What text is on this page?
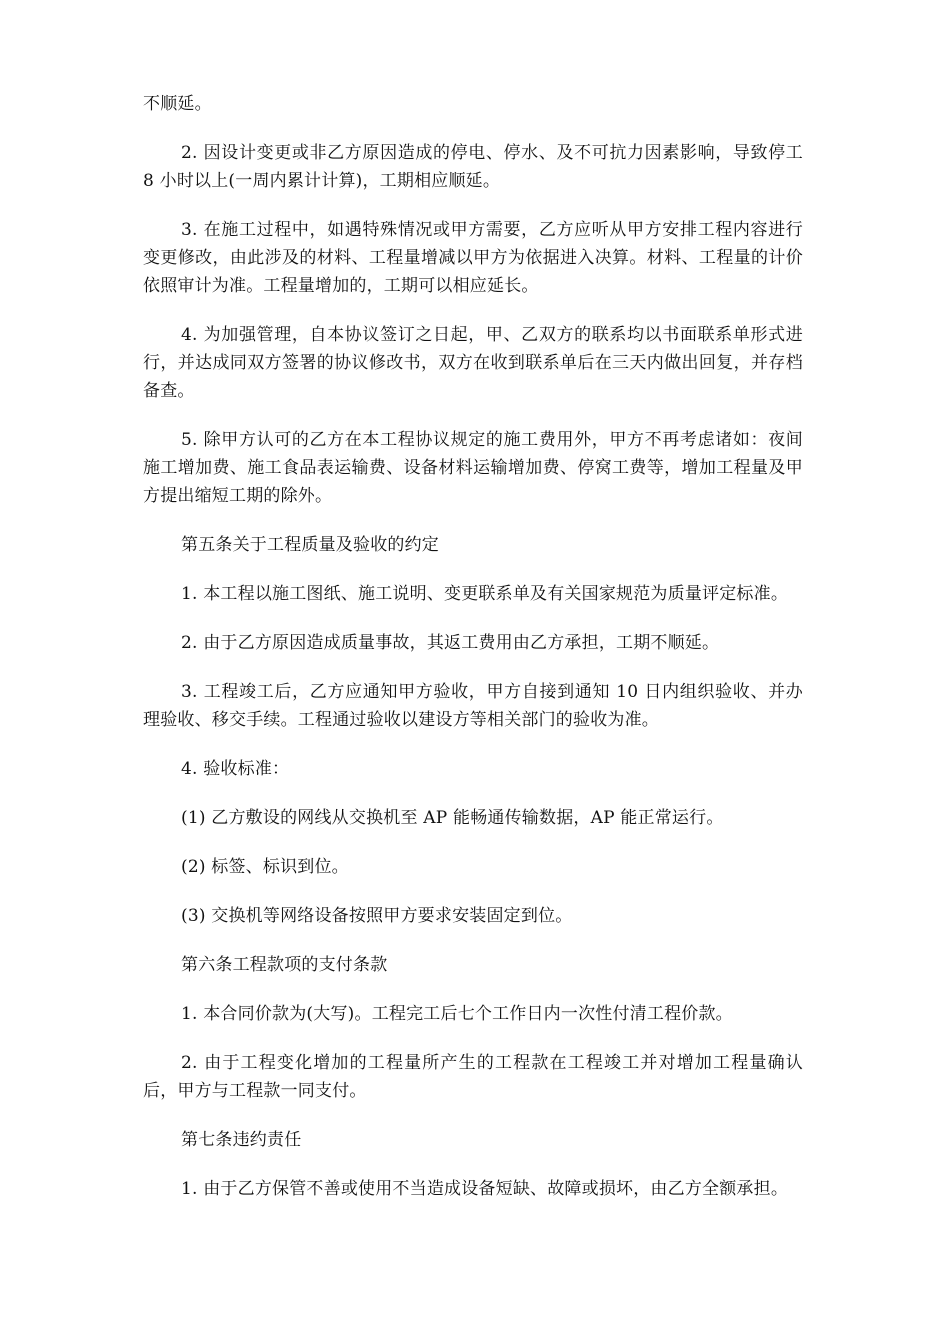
不顺延。

2. 因设计变更或非乙方原因造成的停电、停水、及不可抗力因素影响，导致停工 8 小时以上(一周内累计计算)，工期相应顺延。

3. 在施工过程中，如遇特殊情况或甲方需要，乙方应听从甲方安排工程内容进行变更修改，由此涉及的材料、工程量增减以甲方为依据进入决算。材料、工程量的计价依照审计为准。工程量增加的，工期可以相应延长。

4. 为加强管理，自本协议签订之日起，甲、乙双方的联系均以书面联系单形式进行，并达成同双方签署的协议修改书，双方在收到联系单后在三天内做出回复，并存档备查。

5. 除甲方认可的乙方在本工程协议规定的施工费用外，甲方不再考虑诸如：夜间施工增加费、施工食品表运输费、设备材料运输增加费、停窝工费等，增加工程量及甲方提出缩短工期的除外。

第五条关于工程质量及验收的约定

1. 本工程以施工图纸、施工说明、变更联系单及有关国家规范为质量评定标准。

2. 由于乙方原因造成质量事故，其返工费用由乙方承担，工期不顺延。

3. 工程竣工后，乙方应通知甲方验收，甲方自接到通知 10 日内组织验收、并办理验收、移交手续。工程通过验收以建设方等相关部门的验收为准。

4. 验收标准：

(1) 乙方敷设的网线从交换机至 AP 能畅通传输数据，AP 能正常运行。

(2) 标签、标识到位。

(3) 交换机等网络设备按照甲方要求安装固定到位。

第六条工程款项的支付条款

1. 本合同价款为(大写)。工程完工后七个工作日内一次性付清工程价款。

2. 由于工程变化增加的工程量所产生的工程款在工程竣工并对增加工程量确认后，甲方与工程款一同支付。

第七条违约责任

1. 由于乙方保管不善或使用不当造成设备短缺、故障或损坏，由乙方全额承担。
